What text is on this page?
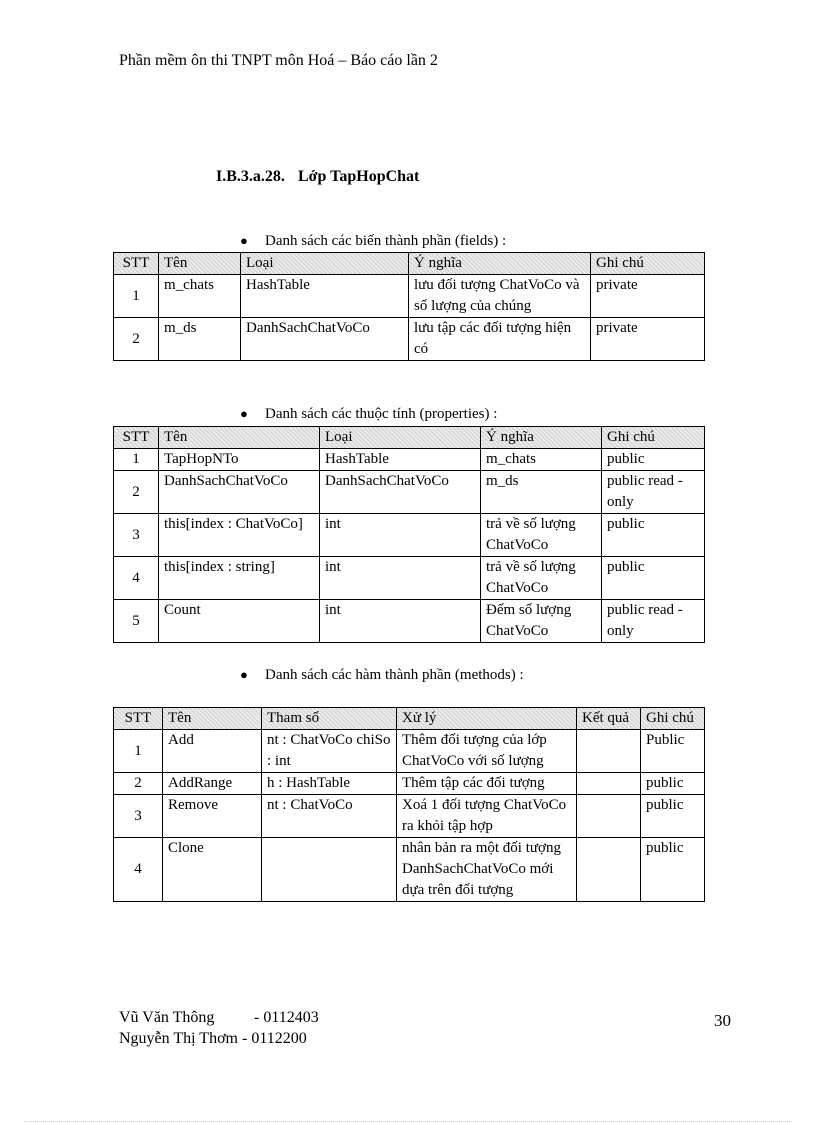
Phần mềm ôn thi TNPT môn Hoá – Báo cáo lần 2
I.B.3.a.28. Lớp TapHopChat
● Danh sách các biến thành phần (fields) :
STT	Tên	Loại	Ý nghĩa	Ghi chú
1	m_chats	HashTable	lưu đối tượng ChatVoCo và số lượng của chúng	private
2	m_ds	DanhSachChatVoCo	lưu tập các đối tượng hiện có	private
● Danh sách các thuộc tính (properties) :
STT	Tên	Loại	Ý nghĩa	Ghi chú
1	TapHopNTo	HashTable	m_chats	public
2	DanhSachChatVoCo	DanhSachChatVoCo	m_ds	public read - only
3	this[index : ChatVoCo]	int	trả về số lượng ChatVoCo	public
4	this[index : string]	int	trả về số lượng ChatVoCo	public
5	Count	int	Đếm số lượng ChatVoCo	public read - only
● Danh sách các hàm thành phần (methods) :
STT	Tên	Tham số	Xử lý	Kết quả	Ghi chú
1	Add	nt : ChatVoCo chiSo : int	Thêm đối tượng của lớp ChatVoCo với số lượng		Public
2	AddRange	h : HashTable	Thêm tập các đối tượng		public
3	Remove	nt : ChatVoCo	Xoá 1 đối tượng ChatVoCo ra khỏi tập hợp		public
4	Clone		nhân bản ra một đối tượng DanhSachChatVoCo mới dựa trên đối tượng		public
Vũ Văn Thông - 0112403
Nguyễn Thị Thơm - 0112200
30
